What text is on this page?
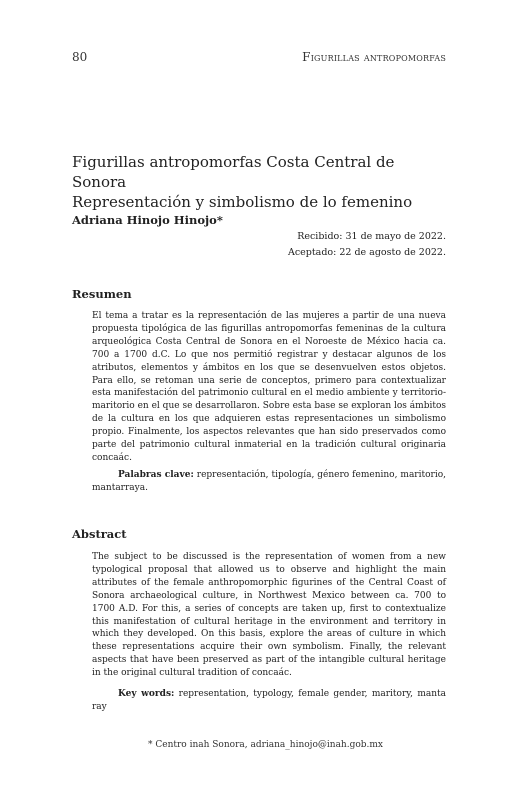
80	Figurillas antropomorfas
Figurillas antropomorfas Costa Central de Sonora
Representación y simbolismo de lo femenino
Adriana Hinojo Hinojo*
Recibido: 31 de mayo de 2022.
Aceptado: 22 de agosto de 2022.
Resumen
El tema a tratar es la representación de las mujeres a partir de una nueva propuesta tipológica de las figurillas antropomorfas femeninas de la cultura arqueológica Costa Central de Sonora en el Noroeste de México hacia ca. 700 a 1700 d.C. Lo que nos permitió registrar y destacar algunos de los atributos, elementos y ámbitos en los que se desenvuelven estos objetos. Para ello, se retoman una serie de conceptos, primero para contextualizar esta manifestación del patrimonio cultural en el medio ambiente y territorio-maritorio en el que se desarrollaron. Sobre esta base se exploran los ámbitos de la cultura en los que adquieren estas representaciones un simbolismo propio. Finalmente, los aspectos relevantes que han sido preservados como parte del patrimonio cultural inmaterial en la tradición cultural originaria concaác.
Palabras clave: representación, tipología, género femenino, maritorio, mantarraya.
Abstract
The subject to be discussed is the representation of women from a new typological proposal that allowed us to observe and highlight the main attributes of the female anthropomorphic figurines of the Central Coast of Sonora archaeological culture, in Northwest Mexico between ca. 700 to 1700 A.D. For this, a series of concepts are taken up, first to contextualize this manifestation of cultural heritage in the environment and territory in which they developed. On this basis, explore the areas of culture in which these representations acquire their own symbolism. Finally, the relevant aspects that have been preserved as part of the intangible cultural heritage in the original cultural tradition of concaác.
Key words: representation, typology, female gender, maritory, manta ray
* Centro inah Sonora, adriana_hinojo@inah.gob.mx
